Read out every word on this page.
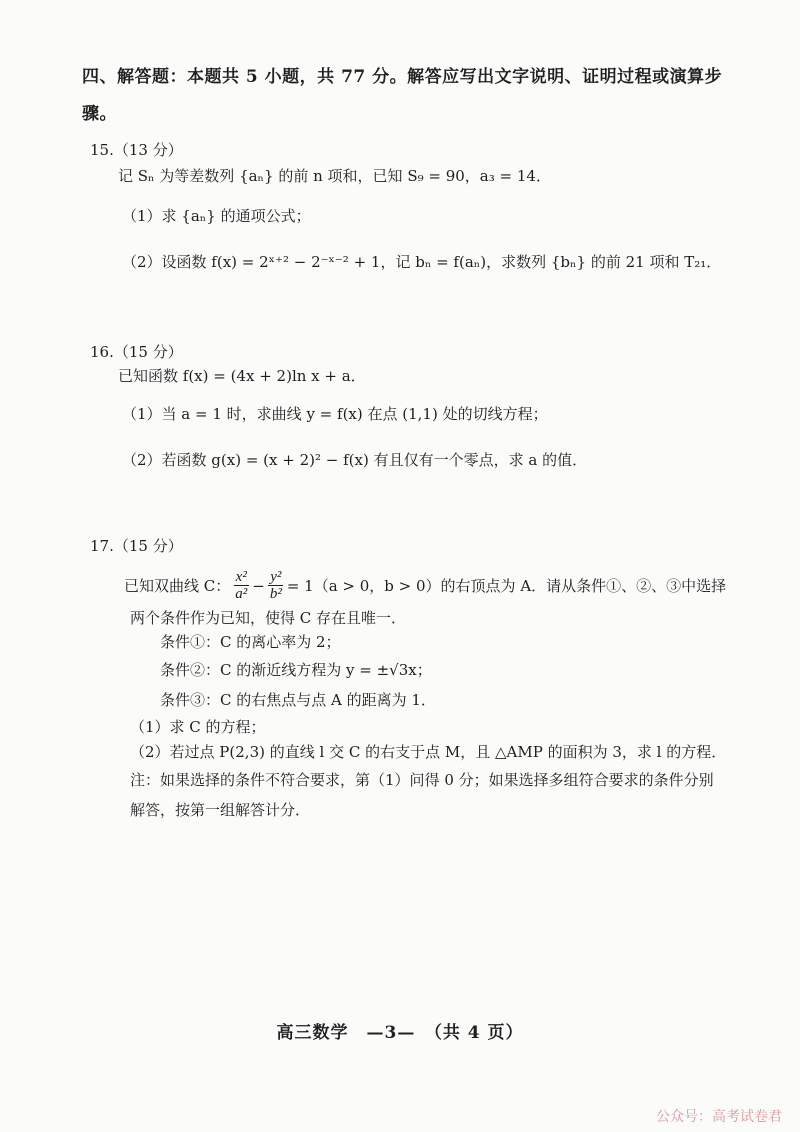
四、解答题：本题共 5 小题，共 77 分。解答应写出文字说明、证明过程或演算步
骤。
15.（13 分）
记 Sₙ 为等差数列 {aₙ} 的前 n 项和，已知 S₉ = 90，a₃ = 14．
（1）求 {aₙ} 的通项公式；
（2）设函数 f(x) = 2ˣ⁺² − 2⁻ˣ⁻² + 1，记 bₙ = f(aₙ)，求数列 {bₙ} 的前 21 项和 T₂₁．
16.（15 分）
已知函数 f(x) = (4x + 2)ln x + a．
（1）当 a = 1 时，求曲线 y = f(x) 在点 (1,1) 处的切线方程；
（2）若函数 g(x) = (x + 2)² − f(x) 有且仅有一个零点，求 a 的值．
17.（15 分）
已知双曲线 C： $\frac{\text{x²}}{\text{a²}} - \frac{\text{y²}}{\text{b²}} = 1(a > 0$，b > 0）的右顶点为 A．请从条件①、②、③中选择
两个条件作为已知，使得 C 存在且唯一．
条件①：C 的离心率为 2；
条件②：C 的渐近线方程为 y = ±√3x；
条件③：C 的右焦点与点 A 的距离为 1．
（1）求 C 的方程；
（2）若过点 P(2,3) 的直线 l 交 C 的右支于点 M，且 △AMP 的面积为 3，求 l 的方程．
注：如果选择的条件不符合要求，第（1）问得 0 分；如果选择多组符合要求的条件分别
解答，按第一组解答计分．
高三数学　—3—　（共 4 页）
公众号：高考试卷君
